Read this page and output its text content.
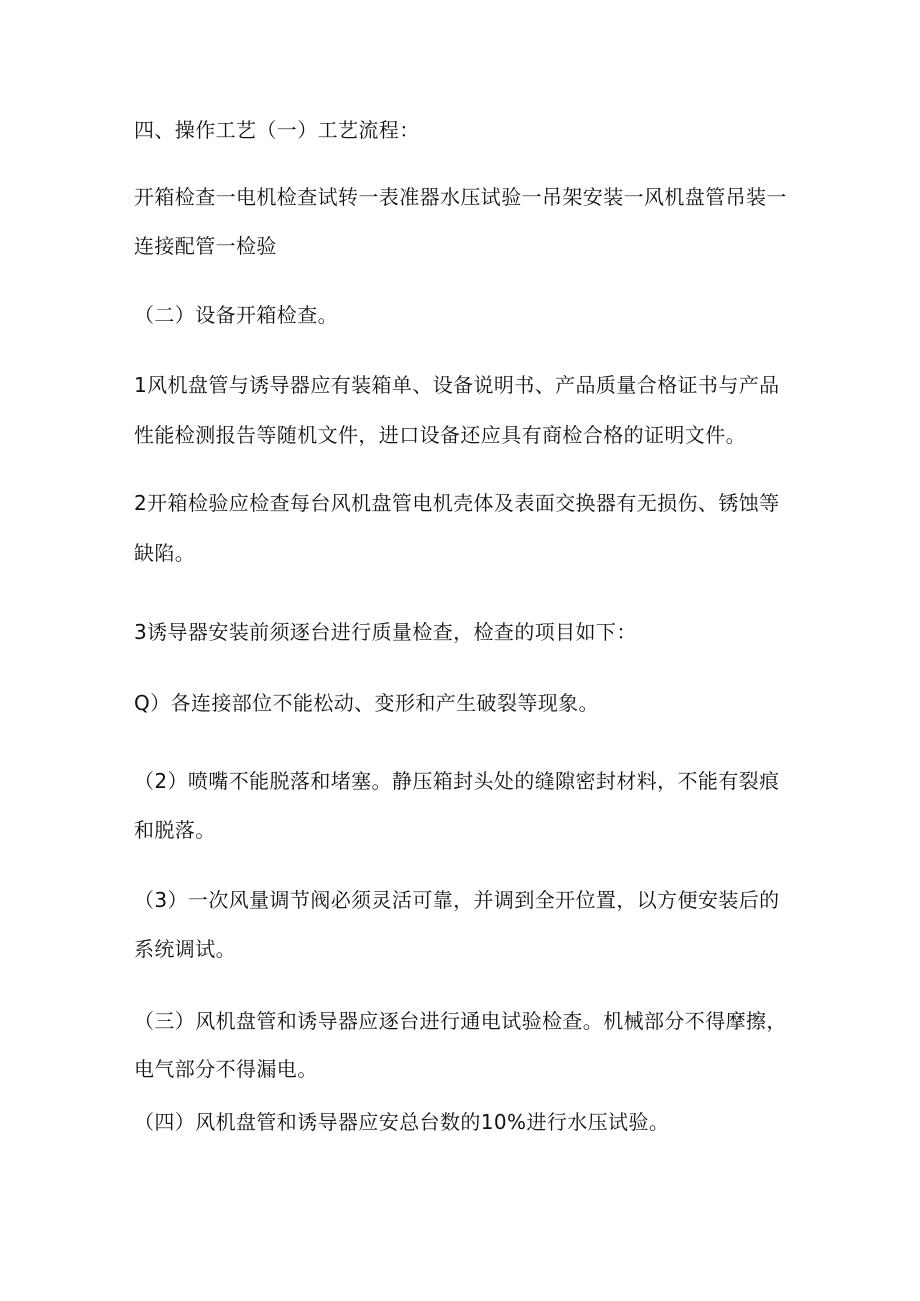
四、操作工艺（一）工艺流程：
开箱检查一电机检查试转一表准器水压试验一吊架安装一风机盘管吊装一
连接配管一检验
（二）设备开箱检查。
1风机盘管与诱导器应有装箱单、设备说明书、产品质量合格证书与产品
性能检测报告等随机文件，进口设备还应具有商检合格的证明文件。
2开箱检验应检查每台风机盘管电机壳体及表面交换器有无损伤、锈蚀等
缺陷。
3诱导器安装前须逐台进行质量检查，检查的项目如下：
Q）各连接部位不能松动、变形和产生破裂等现象。
（2）喷嘴不能脱落和堵塞。静压箱封头处的缝隙密封材料，不能有裂痕
和脱落。
（3）一次风量调节阀必须灵活可靠，并调到全开位置，以方便安装后的
系统调试。
（三）风机盘管和诱导器应逐台进行通电试验检查。机械部分不得摩擦，
电气部分不得漏电。
（四）风机盘管和诱导器应安总台数的10%进行水压试验。
